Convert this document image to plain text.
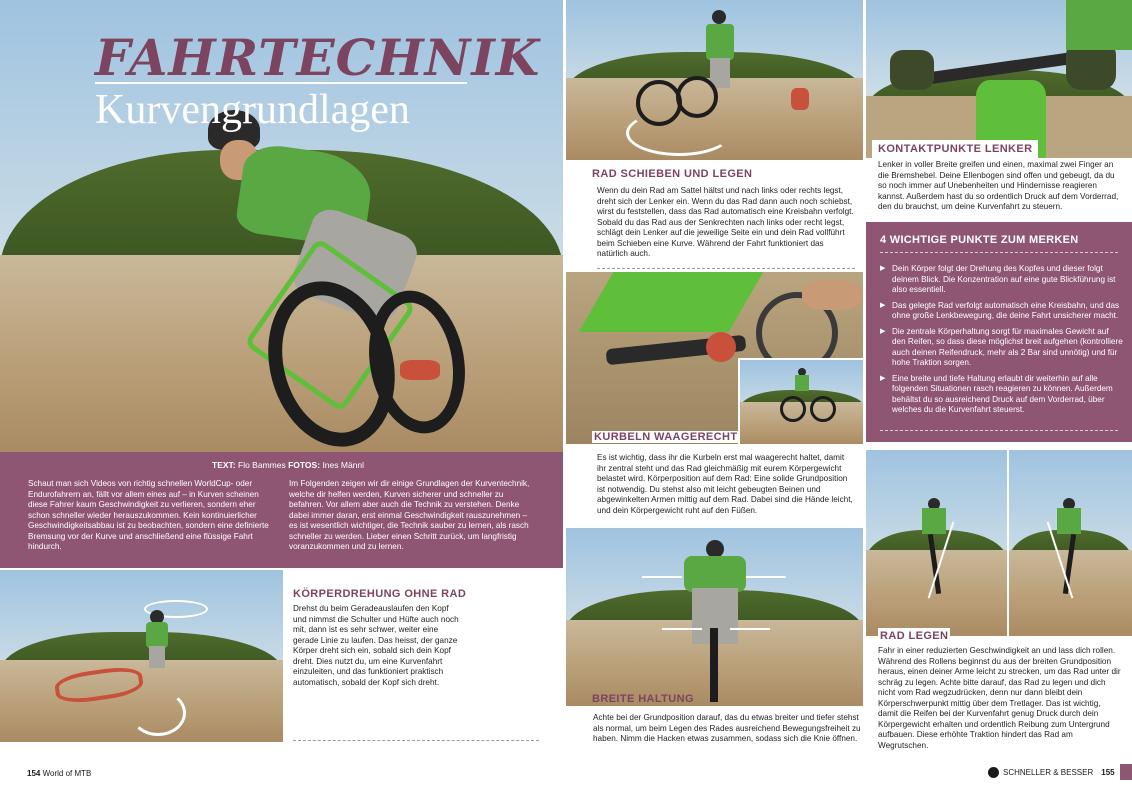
FAHRTECHNIK
Kurvengrundlagen
TEXT: Flo Bammes FOTOS: Ines Männl
Schaut man sich Videos von richtig schnellen WorldCup- oder Endurofahrern an, fällt vor allem eines auf – in Kurven scheinen diese Fahrer kaum Geschwindigkeit zu verlieren, sondern eher schon schneller wieder herauszukommen. Kein kontinuierlicher Geschwindigkeitsabbau ist zu beobachten, sondern eine definierte Bremsung vor der Kurve und anschließend eine flüssige Fahrt hindurch.
Im Folgenden zeigen wir dir einige Grundlagen der Kurventechnik, welche dir helfen werden, Kurven sicherer und schneller zu befahren. Vor allem aber auch die Technik zu verstehen. Denke dabei immer daran, erst einmal Geschwindigkeit rauszunehmen – es ist wesentlich wichtiger, die Technik sauber zu lernen, als rasch schneller zu werden. Lieber einen Schritt zurück, um langfristig voranzukommen und zu lernen.
KÖRPERDREHUNG OHNE RAD
Drehst du beim Geradeauslaufen den Kopf und nimmst die Schulter und Hüfte auch noch mit, dann ist es sehr schwer, weiter eine gerade Linie zu laufen. Das heisst, der ganze Körper dreht sich ein, sobald sich dein Kopf dreht. Dies nutzt du, um eine Kurvenfahrt einzuleiten, und das funktioniert praktisch automatisch, sobald der Kopf sich dreht.
154 World of MTB
RAD SCHIEBEN UND LEGEN
Wenn du dein Rad am Sattel hältst und nach links oder rechts legst, dreht sich der Lenker ein. Wenn du das Rad dann auch noch schiebst, wirst du feststellen, dass das Rad automatisch eine Kreisbahn verfolgt. Sobald du das Rad aus der Senkrechten nach links oder recht legst, schlägt dein Lenker auf die jeweilige Seite ein und dein Rad vollführt beim Schieben eine Kurve. Während der Fahrt funktioniert das natürlich auch.
KURBELN WAAGERECHT
Es ist wichtig, dass ihr die Kurbeln erst mal waagerecht haltet, damit ihr zentral steht und das Rad gleichmäßig mit eurem Körpergewicht belastet wird. Körperposition auf dem Rad: Eine solide Grundposition ist notwendig. Du stehst also mit leicht gebeugten Beinen und abgewinkelten Armen mittig auf dem Rad. Dabei sind die Hände leicht, und dein Körpergewicht ruht auf den Füßen.
BREITE HALTUNG
Achte bei der Grundposition darauf, das du etwas breiter und tiefer stehst als normal, um beim Legen des Rades ausreichend Bewegungsfreiheit zu haben. Nimm die Hacken etwas zusammen, sodass sich die Knie öffnen.
KONTAKTPUNKTE LENKER
Lenker in voller Breite greifen und einen, maximal zwei Finger an die Bremshebel. Deine Ellenbogen sind offen und gebeugt, da du so noch immer auf Unebenheiten und Hindernisse reagieren kannst. Außerdem hast du so ordentlich Druck auf dem Vorderrad, den du brauchst, um deine Kurvenfahrt zu steuern.
4 WICHTIGE PUNKTE ZUM MERKEN
▶ Dein Körper folgt der Drehung des Kopfes und dieser folgt deinem Blick. Die Konzentration auf eine gute Blickführung ist also essentiell.
▶ Das gelegte Rad verfolgt automatisch eine Kreisbahn, und das ohne große Lenkbewegung, die deine Fahrt unsicherer macht.
▶ Die zentrale Körperhaltung sorgt für maximales Gewicht auf den Reifen, so dass diese möglichst breit aufgehen (kontrolliere auch deinen Reifendruck, mehr als 2 Bar sind unnötig) und für hohe Traktion sorgen.
▶ Eine breite und tiefe Haltung erlaubt dir weiterhin auf alle folgenden Situationen rasch reagieren zu können. Außerdem behältst du so ausreichend Druck auf dem Vorderrad, über welches du die Kurvenfahrt steuerst.
RAD LEGEN
Fahr in einer reduzierten Geschwindigkeit an und lass dich rollen. Während des Rollens beginnst du aus der breiten Grundposition heraus, einen deiner Arme leicht zu strecken, um das Rad unter dir schräg zu legen. Achte bitte darauf, das Rad zu legen und dich nicht vom Rad wegzudrücken, denn nur dann bleibt dein Körperschwerpunkt mittig über dem Tretlager. Das ist wichtig, damit die Reifen bei der Kurvenfahrt genug Druck durch dein Körpergewicht erhalten und ordentlich Reibung zum Untergrund aufbauen. Diese erhöhte Traktion hindert das Rad am Wegrutschen.
SCHNELLER & BESSER 155
